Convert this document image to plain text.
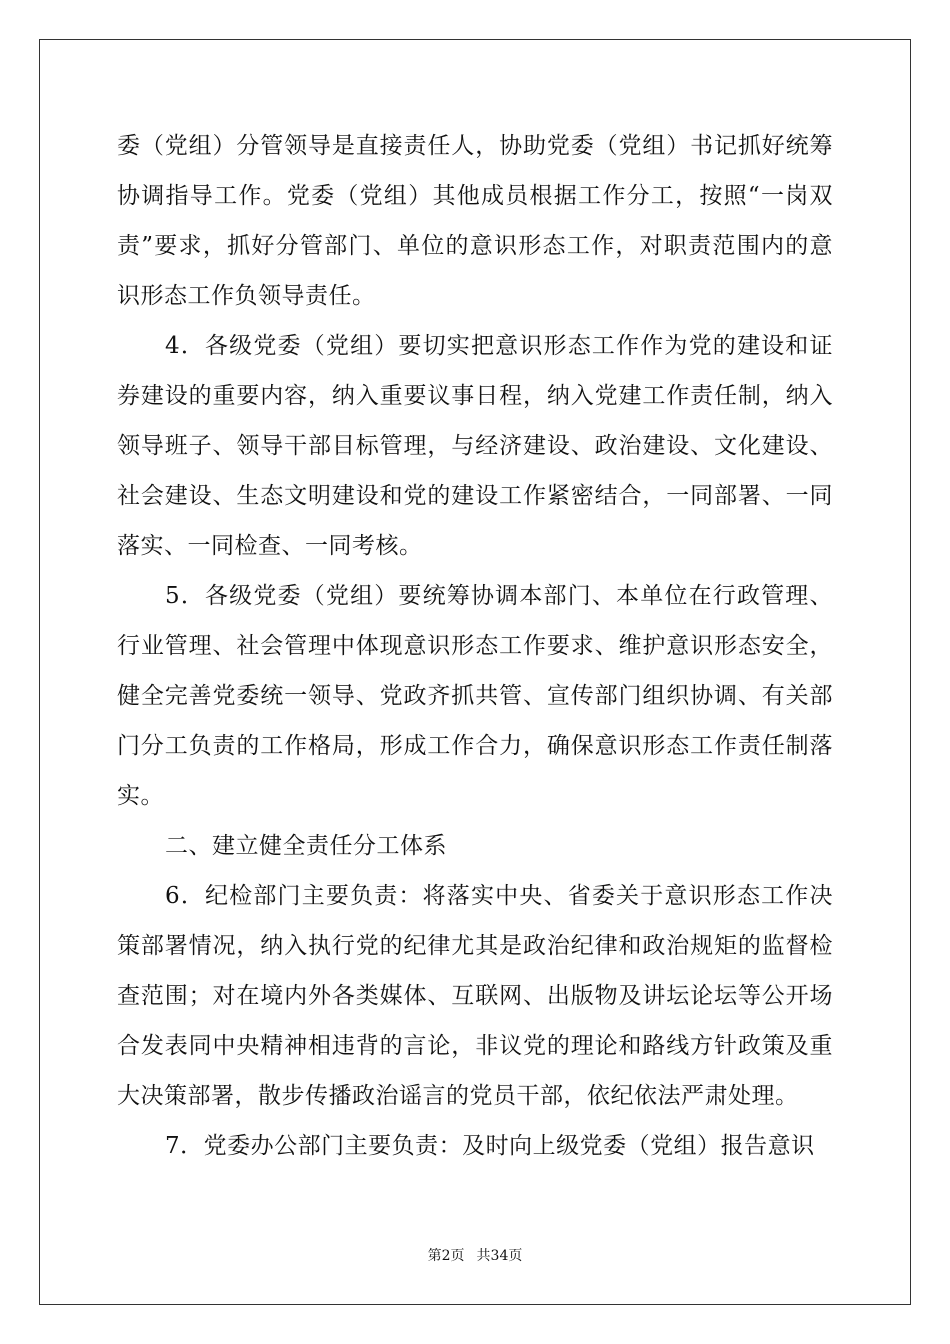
委（党组）分管领导是直接责任人，协助党委（党组）书记抓好统筹协调指导工作。党委（党组）其他成员根据工作分工，按照“一岗双责”要求，抓好分管部门、单位的意识形态工作，对职责范围内的意识形态工作负领导责任。

4．各级党委（党组）要切实把意识形态工作作为党的建设和证券建设的重要内容，纳入重要议事日程，纳入党建工作责任制，纳入领导班子、领导干部目标管理，与经济建设、政治建设、文化建设、社会建设、生态文明建设和党的建设工作紧密结合，一同部署、一同落实、一同检查、一同考核。

5．各级党委（党组）要统筹协调本部门、本单位在行政管理、行业管理、社会管理中体现意识形态工作要求、维护意识形态安全，健全完善党委统一领导、党政齐抓共管、宣传部门组织协调、有关部门分工负责的工作格局，形成工作合力，确保意识形态工作责任制落实。

二、建立健全责任分工体系

6．纪检部门主要负责：将落实中央、省委关于意识形态工作决策部署情况，纳入执行党的纪律尤其是政治纪律和政治规矩的监督检查范围；对在境内外各类媒体、互联网、出版物及讲坛论坛等公开场合发表同中央精神相违背的言论，非议党的理论和路线方针政策及重大决策部署，散步传播政治谣言的党员干部，依纪依法严肃处理。

7．党委办公部门主要负责：及时向上级党委（党组）报告意识

第2页 共34页
